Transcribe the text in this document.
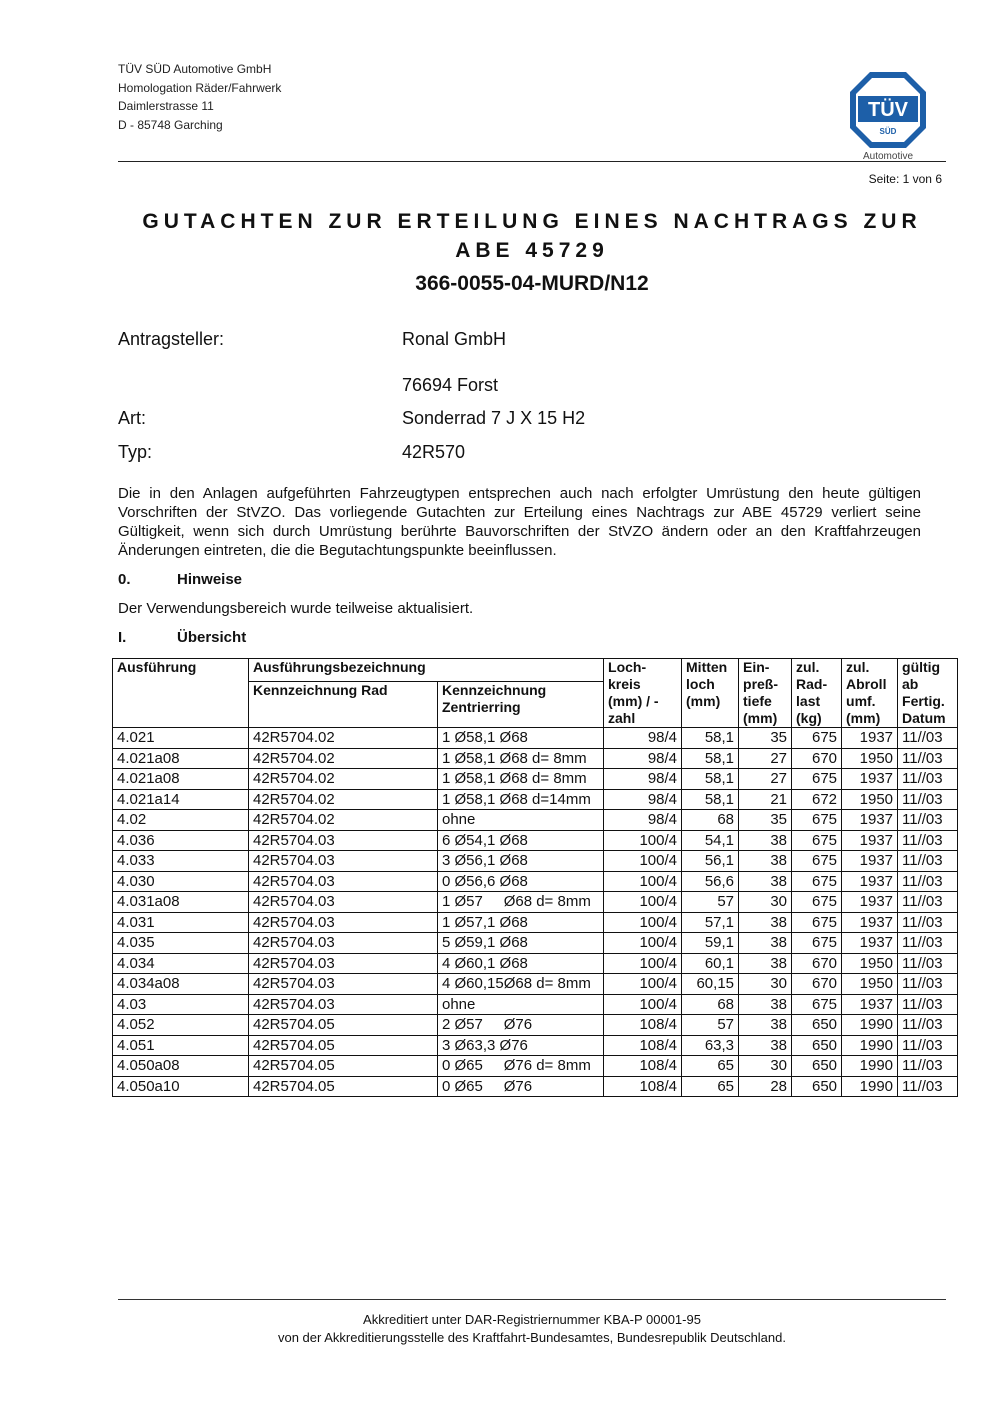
TÜV SÜD Automotive GmbH
Homologation Räder/Fahrwerk
Daimlerstrasse 11
D - 85748 Garching
TÜV
SÜD
Automotive
Seite: 1 von 6
GUTACHTEN ZUR ERTEILUNG EINES NACHTRAGS ZUR
ABE 45729
366-0055-04-MURD/N12
Antragsteller:	Ronal GmbH
76694 Forst
Art:	Sonderrad 7 J X 15 H2
Typ:	42R570
Die in den Anlagen aufgeführten Fahrzeugtypen entsprechen auch nach erfolgter Umrüstung den heute gültigen Vorschriften der StVZO. Das vorliegende Gutachten zur Erteilung eines Nachtrags zur ABE 45729 verliert seine Gültigkeit, wenn sich durch Umrüstung berührte Bauvorschriften der StVZO ändern oder an den Kraftfahrzeugen Änderungen eintreten, die die Begutachtungspunkte beeinflussen.
0.	Hinweise
Der Verwendungsbereich wurde teilweise aktualisiert.
I.	Übersicht
Ausführung	Ausführungsbezeichnung		Loch-kreis (mm) / -zahl	Mitten loch (mm)	Ein-preß-tiefe (mm)	zul. Rad-last (kg)	zul. Abroll umf. (mm)	gültig ab Fertig. Datum
	Kennzeichnung Rad	Kennzeichnung Zentrierring						
4.021	42R5704.02	1 Ø58,1 Ø68	98/4	58,1	35	675	1937	11//03
4.021a08	42R5704.02	1 Ø58,1 Ø68 d= 8mm	98/4	58,1	27	670	1950	11//03
4.021a08	42R5704.02	1 Ø58,1 Ø68 d= 8mm	98/4	58,1	27	675	1937	11//03
4.021a14	42R5704.02	1 Ø58,1 Ø68 d=14mm	98/4	58,1	21	672	1950	11//03
4.02	42R5704.02	ohne	98/4	68	35	675	1937	11//03
4.036	42R5704.03	6 Ø54,1 Ø68	100/4	54,1	38	675	1937	11//03
4.033	42R5704.03	3 Ø56,1 Ø68	100/4	56,1	38	675	1937	11//03
4.030	42R5704.03	0 Ø56,6 Ø68	100/4	56,6	38	675	1937	11//03
4.031a08	42R5704.03	1 Ø57     Ø68 d= 8mm	100/4	57	30	675	1937	11//03
4.031	42R5704.03	1 Ø57,1 Ø68	100/4	57,1	38	675	1937	11//03
4.035	42R5704.03	5 Ø59,1 Ø68	100/4	59,1	38	675	1937	11//03
4.034	42R5704.03	4 Ø60,1 Ø68	100/4	60,1	38	670	1950	11//03
4.034a08	42R5704.03	4 Ø60,15Ø68 d= 8mm	100/4	60,15	30	670	1950	11//03
4.03	42R5704.03	ohne	100/4	68	38	675	1937	11//03
4.052	42R5704.05	2 Ø57     Ø76	108/4	57	38	650	1990	11//03
4.051	42R5704.05	3 Ø63,3 Ø76	108/4	63,3	38	650	1990	11//03
4.050a08	42R5704.05	0 Ø65     Ø76 d= 8mm	108/4	65	30	650	1990	11//03
4.050a10	42R5704.05	0 Ø65     Ø76	108/4	65	28	650	1990	11//03
Akkreditiert unter DAR-Registriernummer KBA-P 00001-95
von der Akkreditierungsstelle des Kraftfahrt-Bundesamtes, Bundesrepublik Deutschland.
